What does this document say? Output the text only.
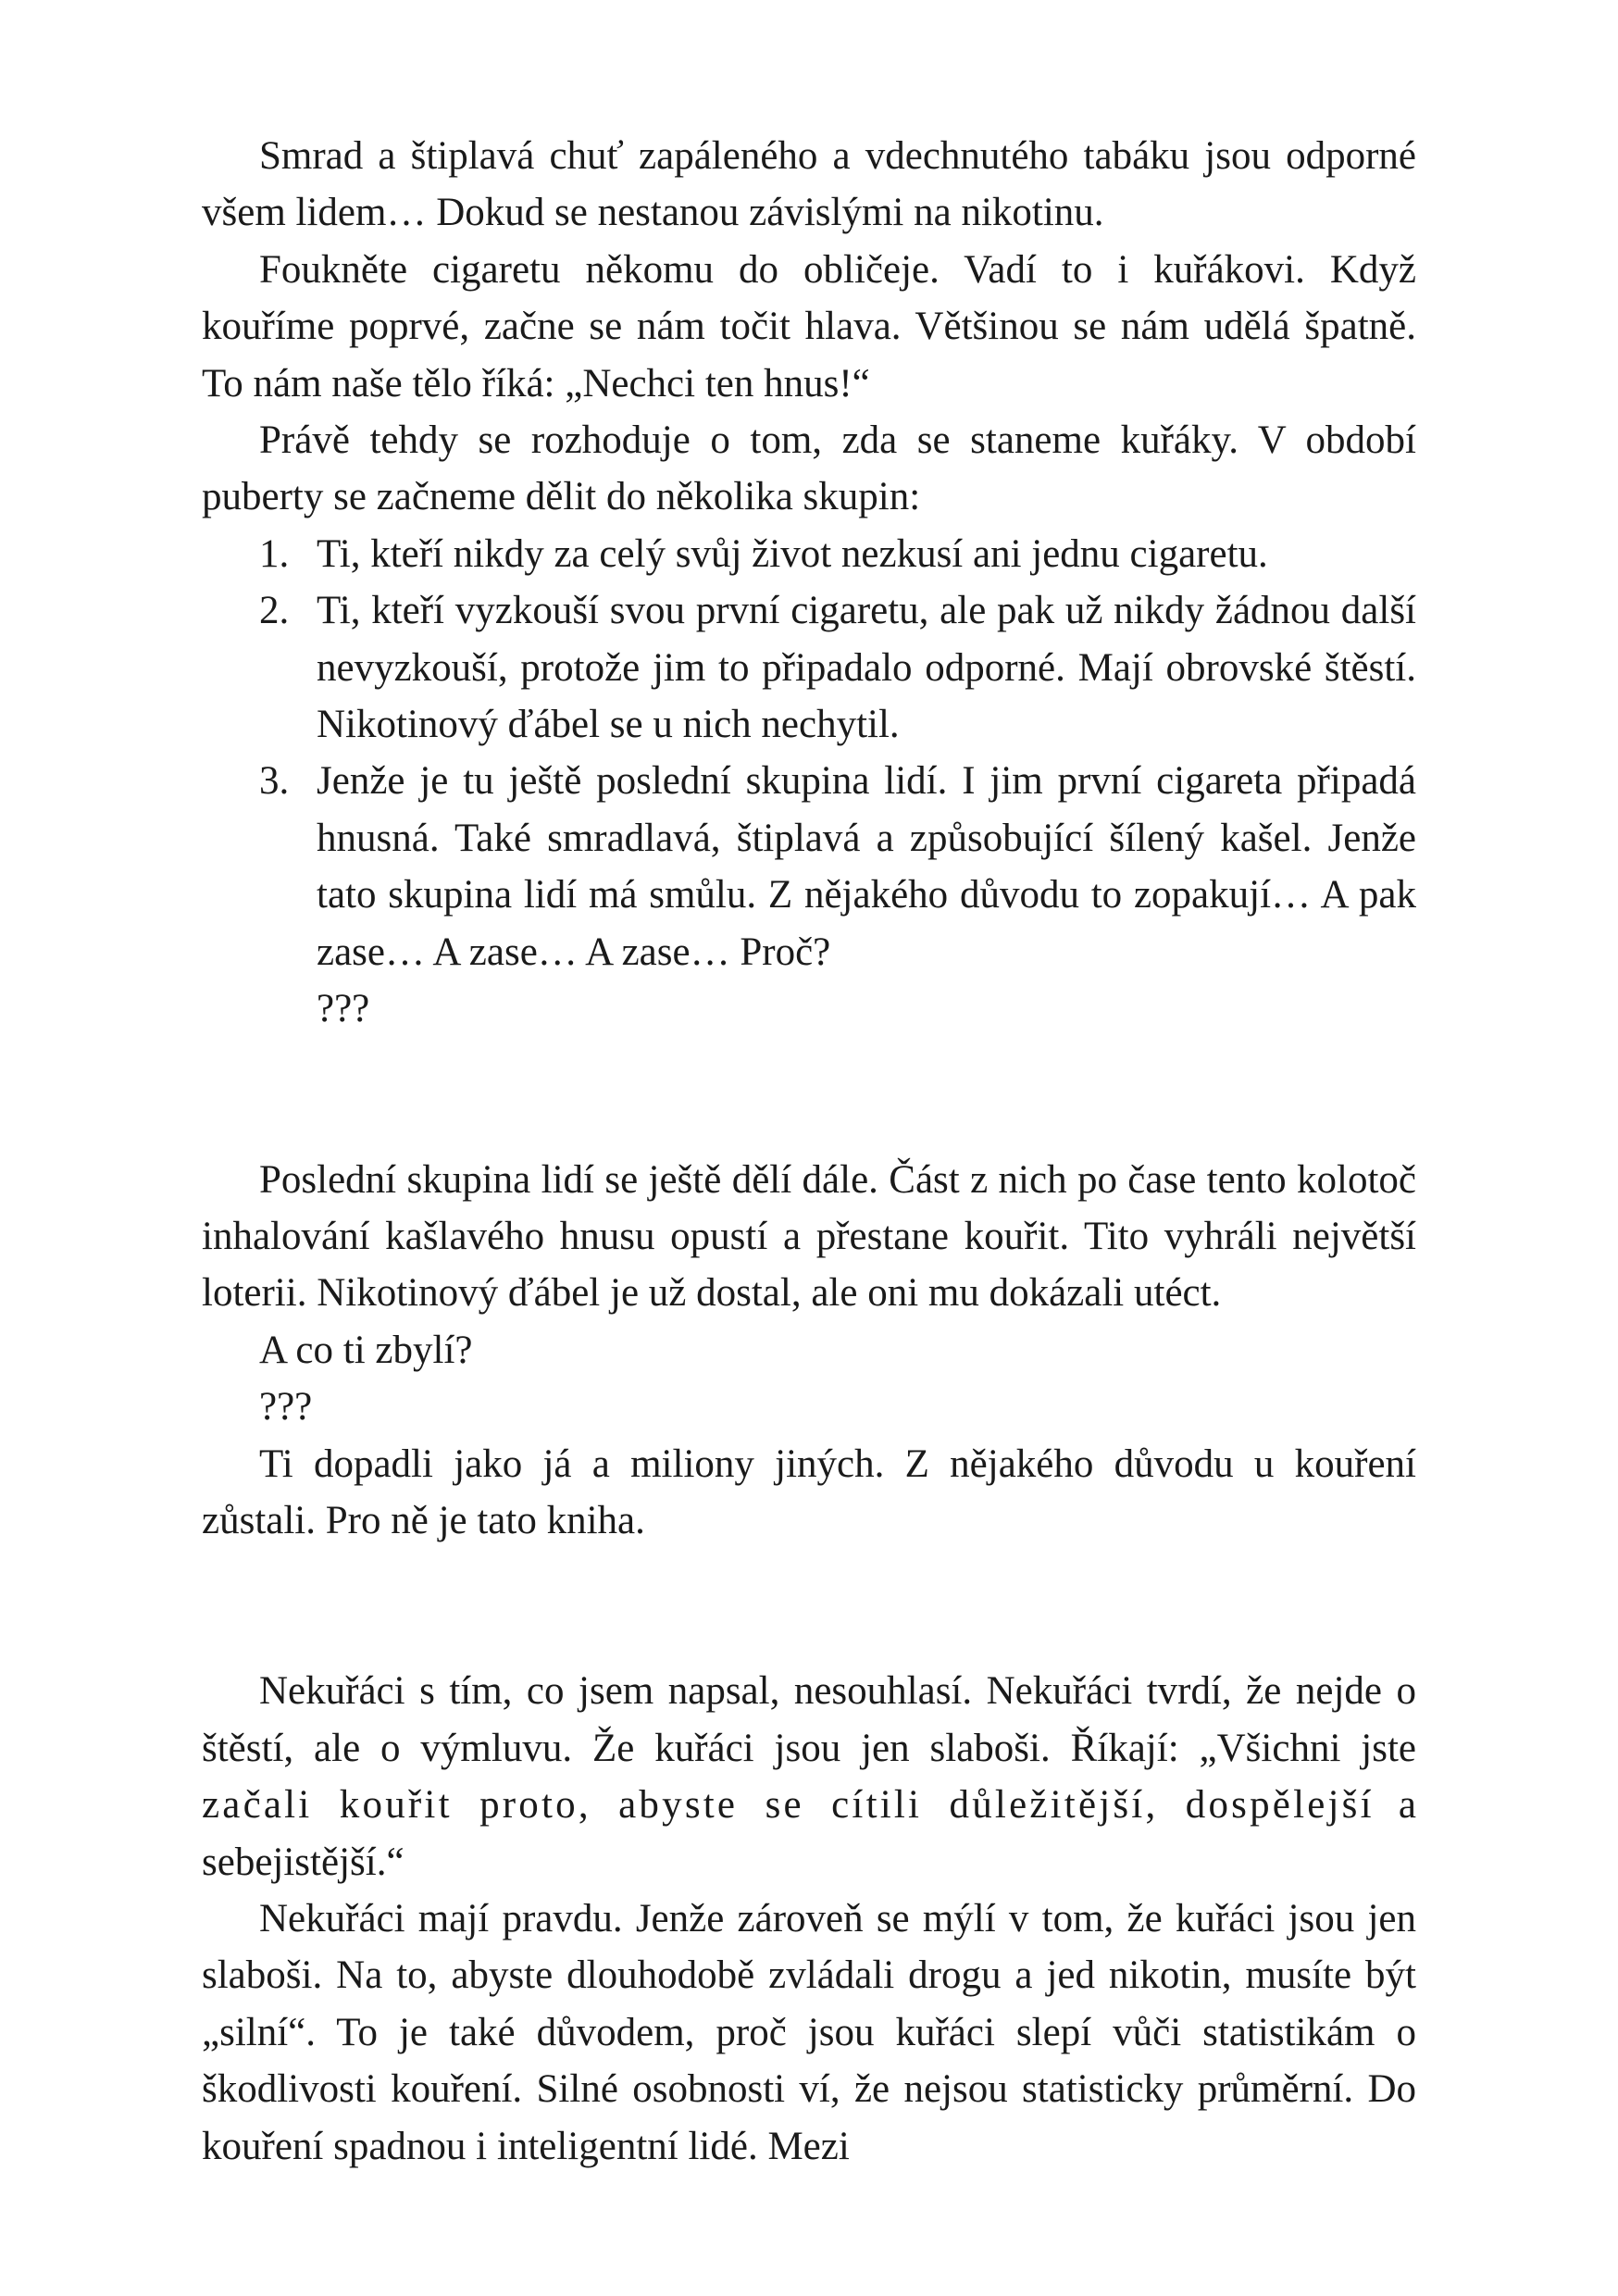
Smrad a štiplavá chuť zapáleného a vdechnutého tabáku jsou odporné všem lidem… Dokud se nestanou závislými na nikotinu.

Foukněte cigaretu někomu do obličeje. Vadí to i kuřákovi. Když kouříme poprvé, začne se nám točit hlava. Většinou se nám udělá špatně. To nám naše tělo říká: „Nechci ten hnus!“

Právě tehdy se rozhoduje o tom, zda se staneme kuřáky. V období puberty se začneme dělit do několika skupin:

1. Ti, kteří nikdy za celý svůj život nezkusí ani jednu cigaretu.
2. Ti, kteří vyzkouší svou první cigaretu, ale pak už nikdy žádnou další nevyzkouší, protože jim to připadalo odporné. Mají obrovské štěstí. Nikotinový ďábel se u nich nechytil.
3. Jenže je tu ještě poslední skupina lidí. I jim první cigareta připadá hnusná. Také smradlavá, štiplavá a způsobující šílený kašel. Jenže tato skupina lidí má smůlu. Z nějakého důvodu to zopakují… A pak zase… A zase… A zase… Proč?
???

Poslední skupina lidí se ještě dělí dále. Část z nich po čase tento kolotoč inhalování kašlavého hnusu opustí a přestane kouřit. Tito vyhráli největší loterii. Nikotinový ďábel je už dostal, ale oni mu dokázali utéct.

A co ti zbylí?

???

Ti dopadli jako já a miliony jiných. Z nějakého důvodu u kouření zůstali. Pro ně je tato kniha.

Nekuřáci s tím, co jsem napsal, nesouhlasí. Nekuřáci tvrdí, že nejde o štěstí, ale o výmluvu. Že kuřáci jsou jen slaboši. Říkají: „Všichni jste začali kouřit proto, abyste se cítili důležitější, dospělejší a sebejistější.“

Nekuřáci mají pravdu. Jenže zároveň se mýlí v tom, že kuřáci jsou jen slaboši. Na to, abyste dlouhodobě zvládali drogu a jed nikotin, musíte být „silní“. To je také důvodem, proč jsou kuřáci slepí vůči statistikám o škodlivosti kouření. Silné osobnosti ví, že nejsou statisticky průměrní. Do kouření spadnou i inteligentní lidé. Mezi
